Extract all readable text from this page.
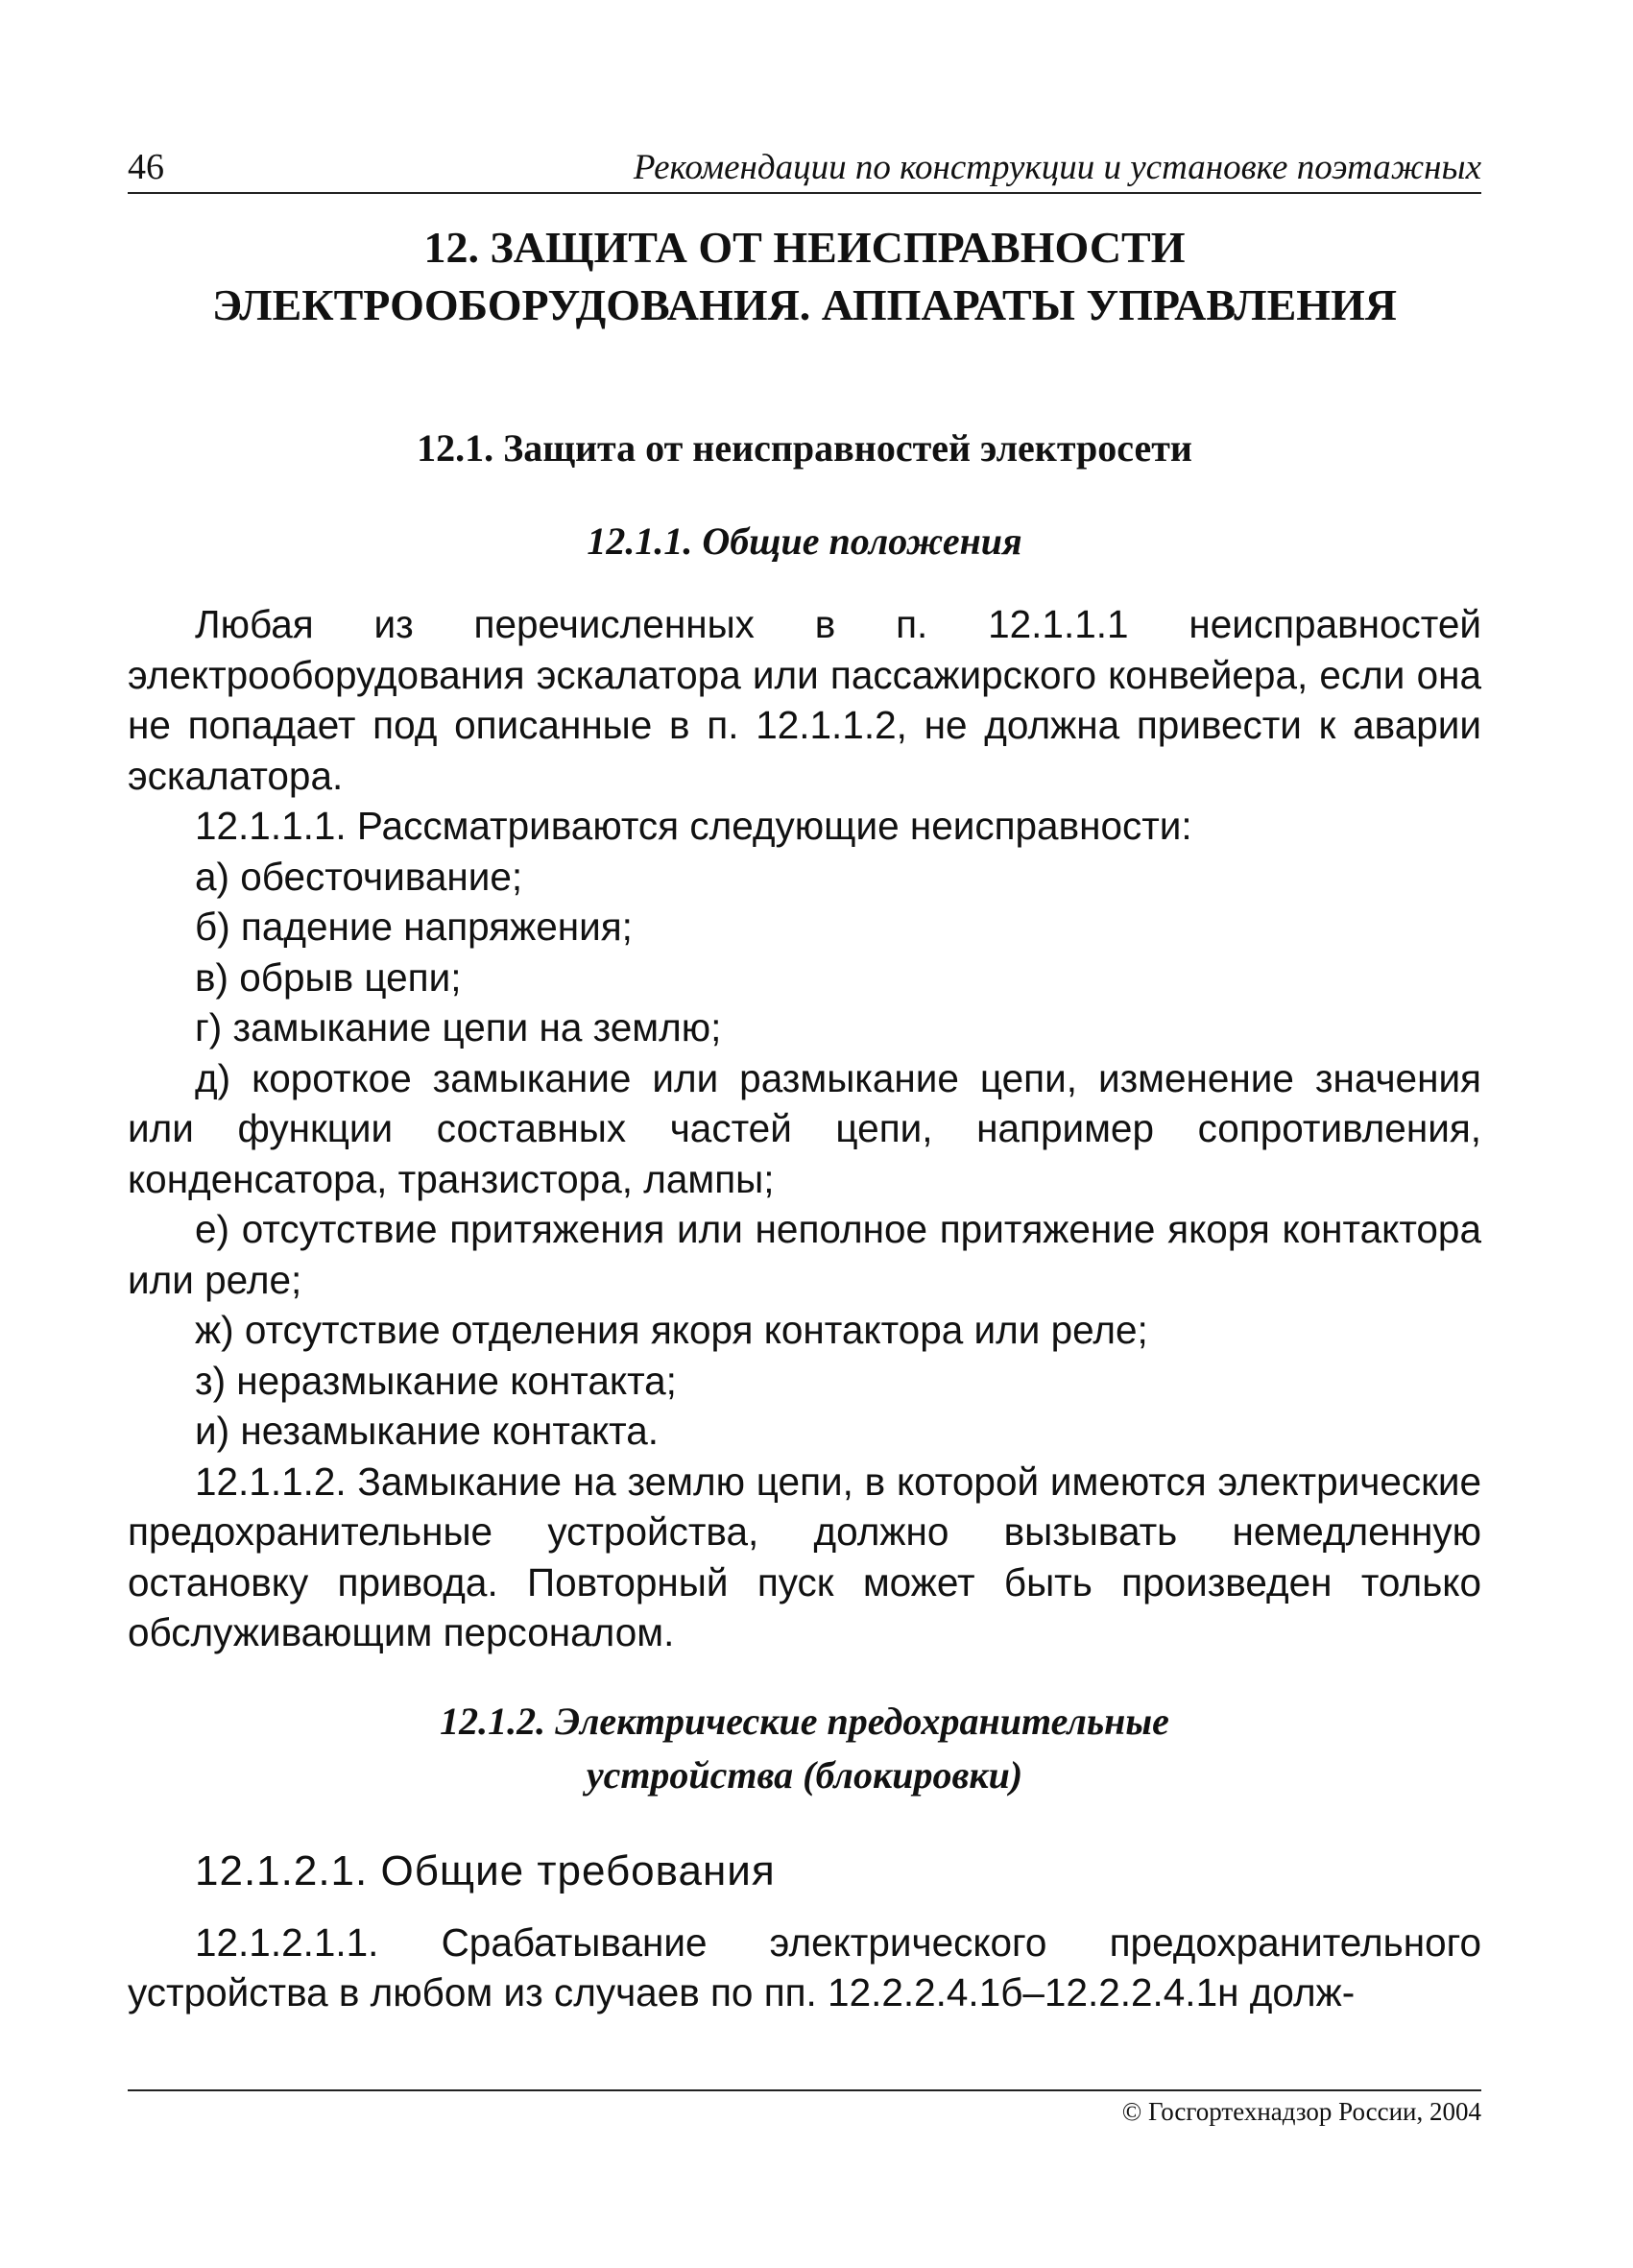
46	Рекомендации по конструкции и установке поэтажных
12. ЗАЩИТА ОТ НЕИСПРАВНОСТИ
ЭЛЕКТРООБОРУДОВАНИЯ. АППАРАТЫ УПРАВЛЕНИЯ
12.1. Защита от неисправностей электросети
12.1.1. Общие положения

Любая из перечисленных в п. 12.1.1.1 неисправностей электрооборудования эскалатора или пассажирского конвейера, если она не попадает под описанные в п. 12.1.1.2, не должна привести к аварии эскалатора.

12.1.1.1. Рассматриваются следующие неисправности:

а) обесточивание;

б) падение напряжения;

в) обрыв цепи;

г) замыкание цепи на землю;

д) короткое замыкание или размыкание цепи, изменение значения или функции составных частей цепи, например сопротивления, конденсатора, транзистора, лампы;

е) отсутствие притяжения или неполное притяжение якоря контактора или реле;

ж) отсутствие отделения якоря контактора или реле;

з) неразмыкание контакта;

и) незамыкание контакта.

12.1.1.2. Замыкание на землю цепи, в которой имеются электрические предохранительные устройства, должно вызывать немедленную остановку привода. Повторный пуск может быть произведен только обслуживающим персоналом.

12.1.2. Электрические предохранительные
устройства (блокировки)
12.1.2.1. Общие требования

12.1.2.1.1. Срабатывание электрического предохранительного устройства в любом из случаев по пп. 12.2.2.4.1б–12.2.2.4.1н долж-

© Госгортехнадзор России, 2004
